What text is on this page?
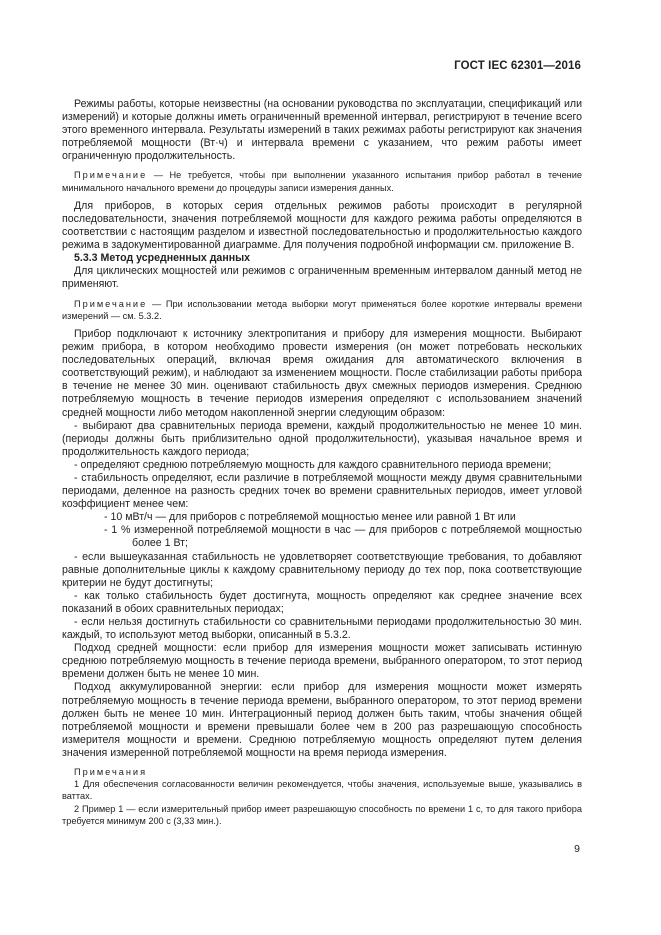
ГОСТ IEC 62301—2016

Режимы работы, которые неизвестны (на основании руководства по эксплуатации, спецификаций или измерений) и которые должны иметь ограниченный временной интервал, регистрируют в течение всего этого временного интервала. Результаты измерений в таких режимах работы регистрируют как значения потребляемой мощности (Вт·ч) и интервала времени с указанием, что режим работы имеет ограниченную продолжительность.

Примечание — Не требуется, чтобы при выполнении указанного испытания прибор работал в течение минимального начального времени до процедуры записи измерения данных.

Для приборов, в которых серия отдельных режимов работы происходит в регулярной последовательности, значения потребляемой мощности для каждого режима работы определяются в соответствии с настоящим разделом и известной последовательностью и продолжительностью каждого режима в задокументированной диаграмме. Для получения подробной информации см. приложение В.

5.3.3 Метод усредненных данных

Для циклических мощностей или режимов с ограниченным временным интервалом данный метод не применяют.

Примечание — При использовании метода выборки могут применяться более короткие интервалы времени измерений — см. 5.3.2.

Прибор подключают к источнику электропитания и прибору для измерения мощности. Выбирают режим прибора, в котором необходимо провести измерения (он может потребовать нескольких последовательных операций, включая время ожидания для автоматического включения в соответствующий режим), и наблюдают за изменением мощности. После стабилизации работы прибора в течение не менее 30 мин. оценивают стабильность двух смежных периодов измерения. Среднюю потребляемую мощность в течение периодов измерения определяют с использованием значений средней мощности либо методом накопленной энергии следующим образом:

- выбирают два сравнительных периода времени, каждый продолжительностью не менее 10 мин. (периоды должны быть приблизительно одной продолжительности), указывая начальное время и продолжительность каждого периода;

- определяют среднюю потребляемую мощность для каждого сравнительного периода времени;

- стабильность определяют, если различие в потребляемой мощности между двумя сравнительными периодами, деленное на разность средних точек во времени сравнительных периодов, имеет угловой коэффициент менее чем:

- 10 мВт/ч — для приборов с потребляемой мощностью менее или равной 1 Вт или

- 1 % измеренной потребляемой мощности в час — для приборов с потребляемой мощностью более 1 Вт;

- если вышеуказанная стабильность не удовлетворяет соответствующие требования, то добавляют равные дополнительные циклы к каждому сравнительному периоду до тех пор, пока соответствующие критерии не будут достигнуты;

- как только стабильность будет достигнута, мощность определяют как среднее значение всех показаний в обоих сравнительных периодах;

- если нельзя достигнуть стабильности со сравнительными периодами продолжительностью 30 мин. каждый, то используют метод выборки, описанный в 5.3.2.

Подход средней мощности: если прибор для измерения мощности может записывать истинную среднюю потребляемую мощность в течение периода времени, выбранного оператором, то этот период времени должен быть не менее 10 мин.

Подход аккумулированной энергии: если прибор для измерения мощности может измерять потребляемую мощность в течение периода времени, выбранного оператором, то этот период времени должен быть не менее 10 мин. Интеграционный период должен быть таким, чтобы значения общей потребляемой мощности и времени превышали более чем в 200 раз разрешающую способность измерителя мощности и времени. Среднюю потребляемую мощность определяют путем деления значения измеренной потребляемой мощности на время периода измерения.

Примечания

1 Для обеспечения согласованности величин рекомендуется, чтобы значения, используемые выше, указывались в ваттах.

2 Пример 1 — если измерительный прибор имеет разрешающую способность по времени 1 с, то для такого прибора требуется минимум 200 с (3,33 мин.).

9
